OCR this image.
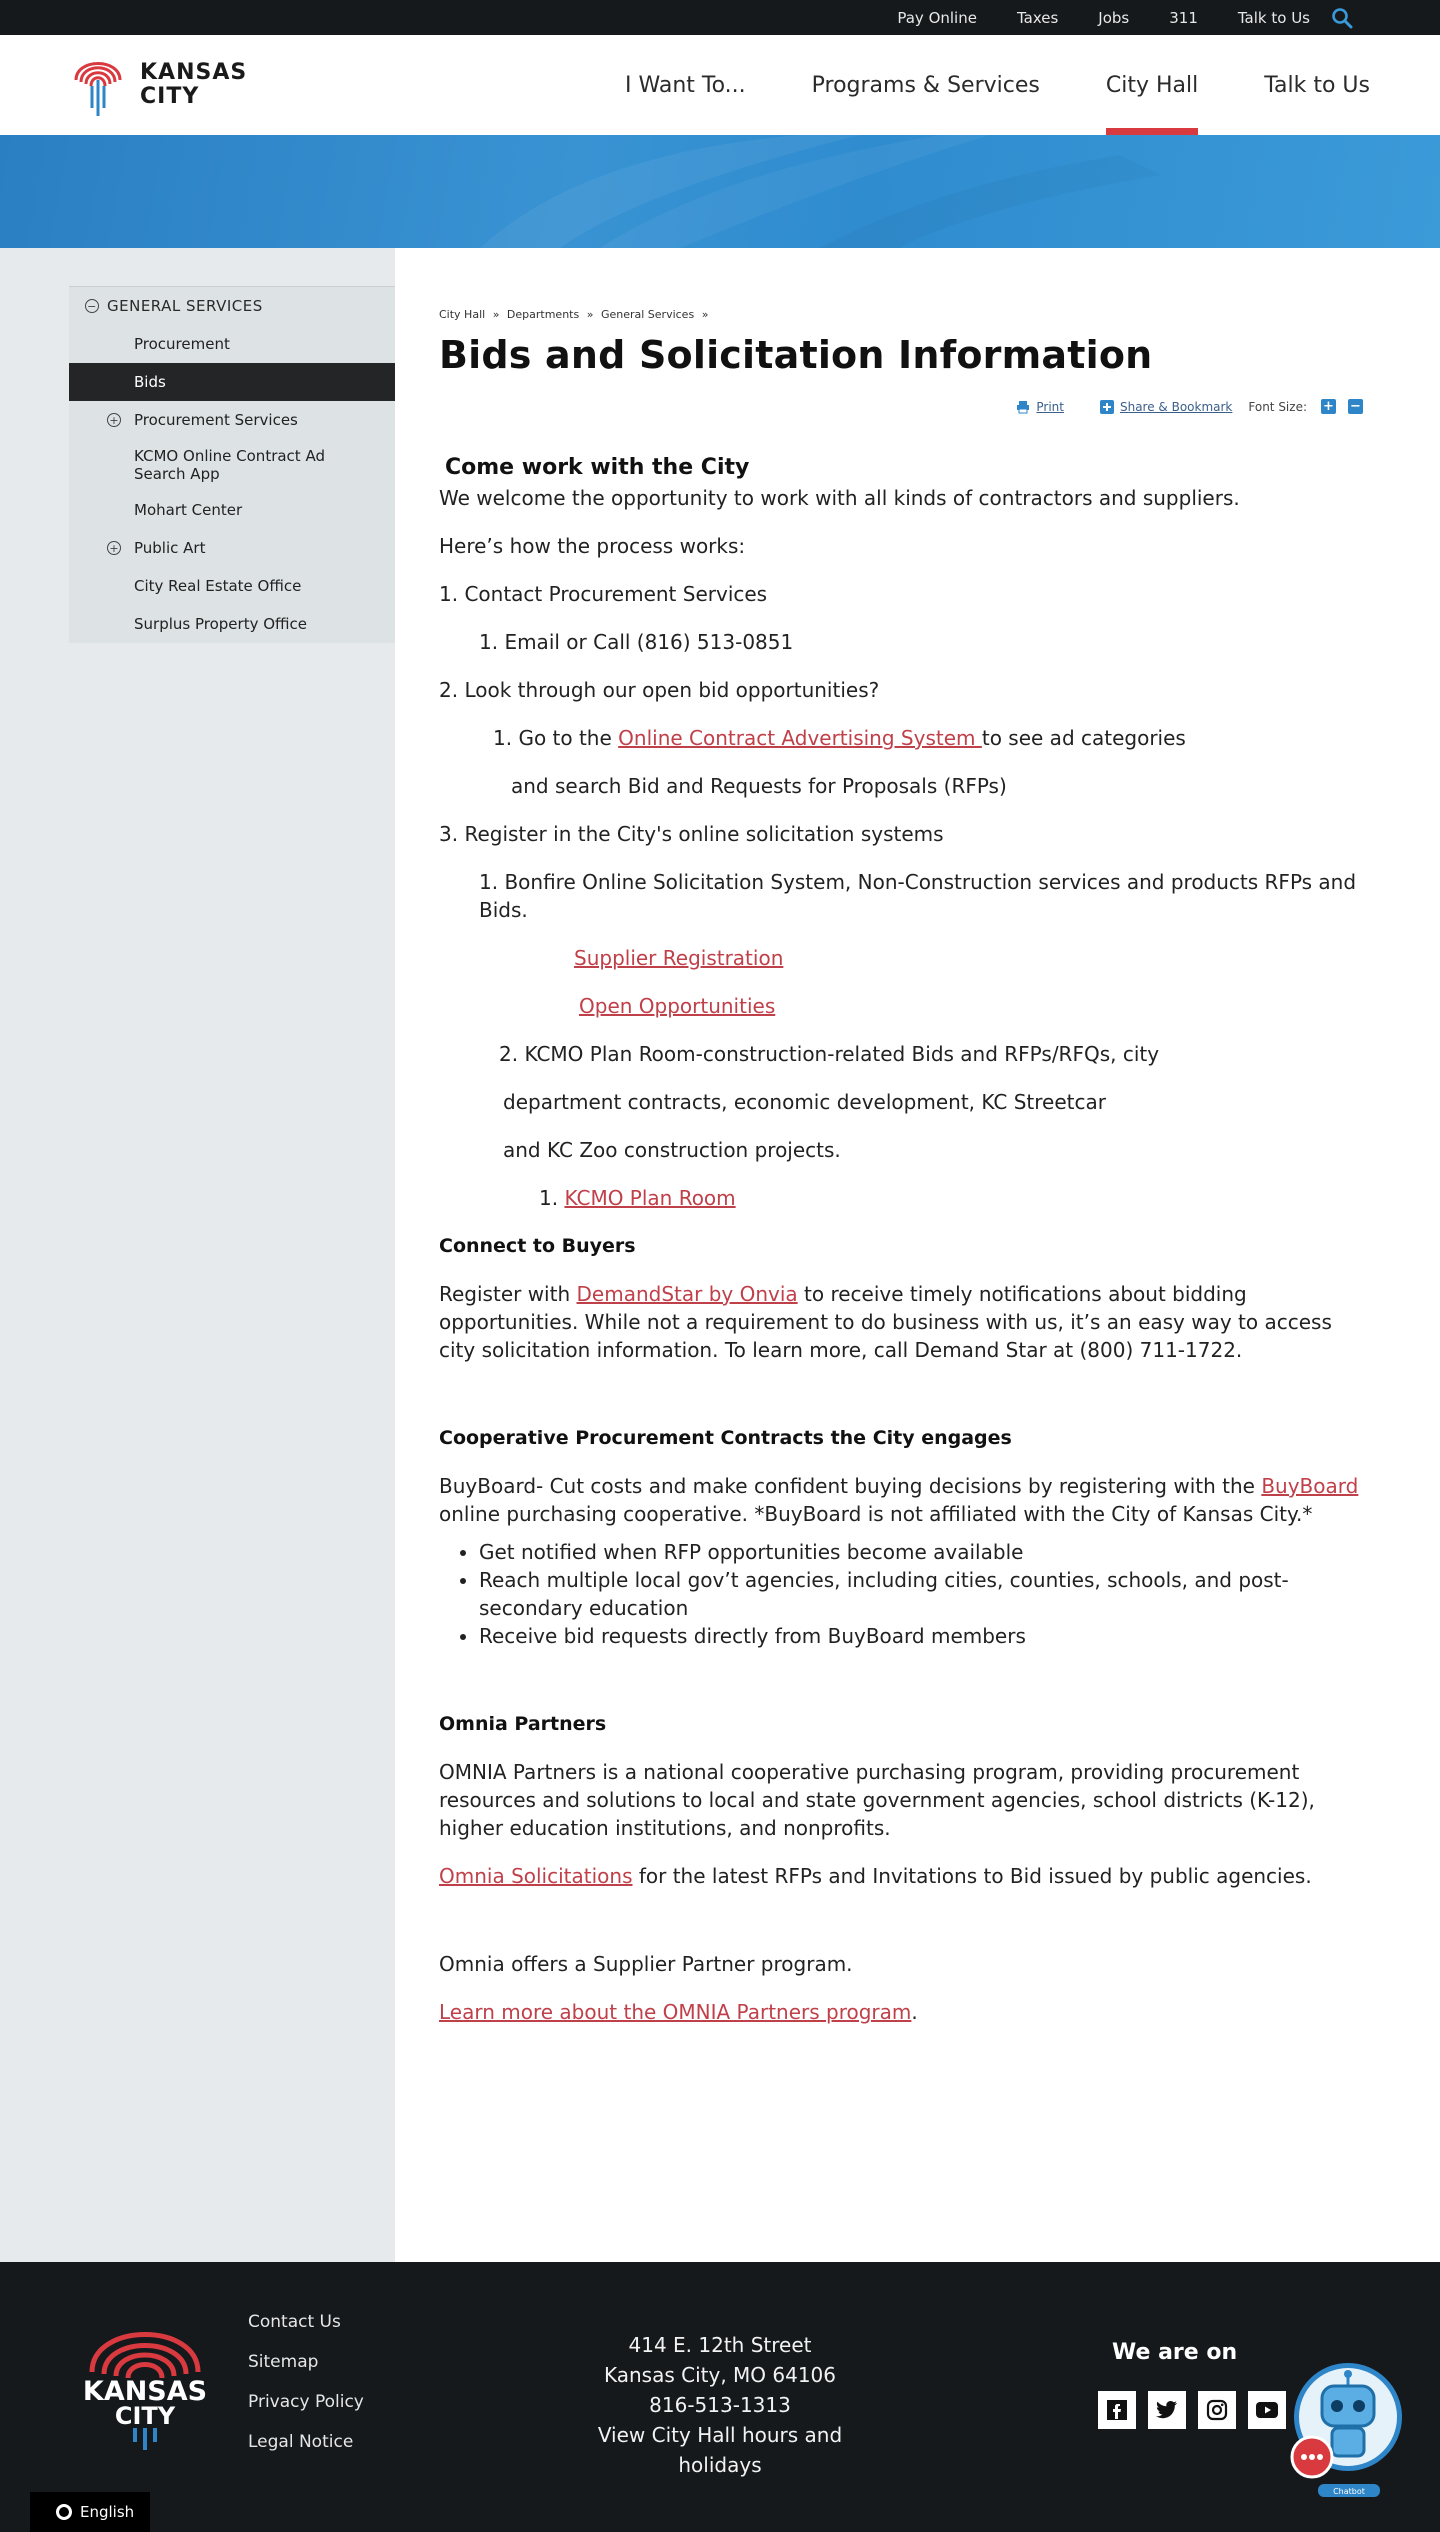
Pay Online	Taxes	Jobs	311	Talk to Us
KANSAS
CITY	I Want To...	Programs & Services	City Hall	Talk to Us
− GENERAL SERVICES
Procurement
Bids
+ Procurement Services
KCMO Online Contract Ad Search App
Mohart Center
+ Public Art
City Real Estate Office
Surplus Property Office
City Hall » Departments » General Services »
Bids and Solicitation Information
Print	Share & Bookmark Font Size: + −
Come work with the City

We welcome the opportunity to work with all kinds of contractors and suppliers.

Here’s how the process works:

1. Contact Procurement Services

1. Email or Call (816) 513-0851

2. Look through our open bid opportunities?

1. Go to the Online Contract Advertising System to see ad categories

and search Bid and Requests for Proposals (RFPs)

3. Register in the City's online solicitation systems

1. Bonfire Online Solicitation System, Non-Construction services and products RFPs and Bids.

Supplier Registration

Open Opportunities

2. KCMO Plan Room-construction-related Bids and RFPs/RFQs, city

department contracts, economic development, KC Streetcar

and KC Zoo construction projects.

1. KCMO Plan Room

Connect to Buyers

Register with DemandStar by Onvia to receive timely notifications about bidding opportunities. While not a requirement to do business with us, it’s an easy way to access city solicitation information. To learn more, call Demand Star at (800) 711-1722.

Cooperative Procurement Contracts the City engages

BuyBoard- Cut costs and make confident buying decisions by registering with the BuyBoard online purchasing cooperative. *BuyBoard is not affiliated with the City of Kansas City.*

• Get notified when RFP opportunities become available
• Reach multiple local gov’t agencies, including cities, counties, schools, and post-secondary education
• Receive bid requests directly from BuyBoard members
Omnia Partners

OMNIA Partners is a national cooperative purchasing program, providing procurement resources and solutions to local and state government agencies, school districts (K-12), higher education institutions, and nonprofits.

Omnia Solicitations for the latest RFPs and Invitations to Bid issued by public agencies.

Omnia offers a Supplier Partner program.

Learn more about the OMNIA Partners program.

KANSAS
CITY
Contact Us
Sitemap
Privacy Policy
Legal Notice
414 E. 12th Street
Kansas City, MO 64106
816-513-1313
View City Hall hours and holidays
We are on
English
Chatbot
